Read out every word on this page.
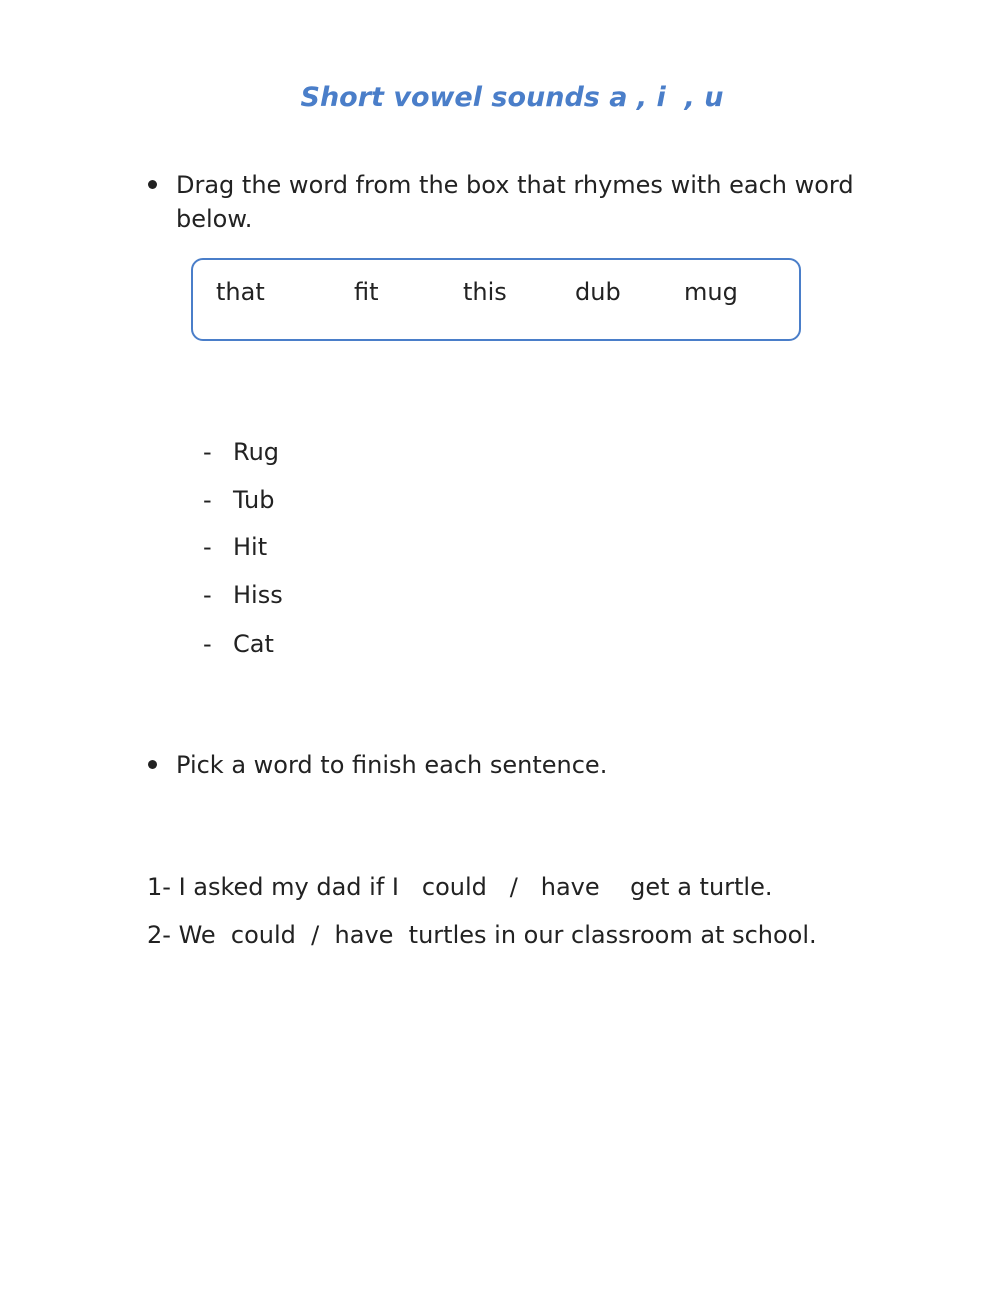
Short vowel sounds a , i  , u
Drag the word from the box that rhymes with each word below.
that	fit	this	dub	mug
- Rug
- Tub
- Hit
- Hiss
- Cat
Pick a word to finish each sentence.
1- I asked my dad if I   could   /   have    get a turtle.
2- We  could  /  have  turtles in our classroom at school.
